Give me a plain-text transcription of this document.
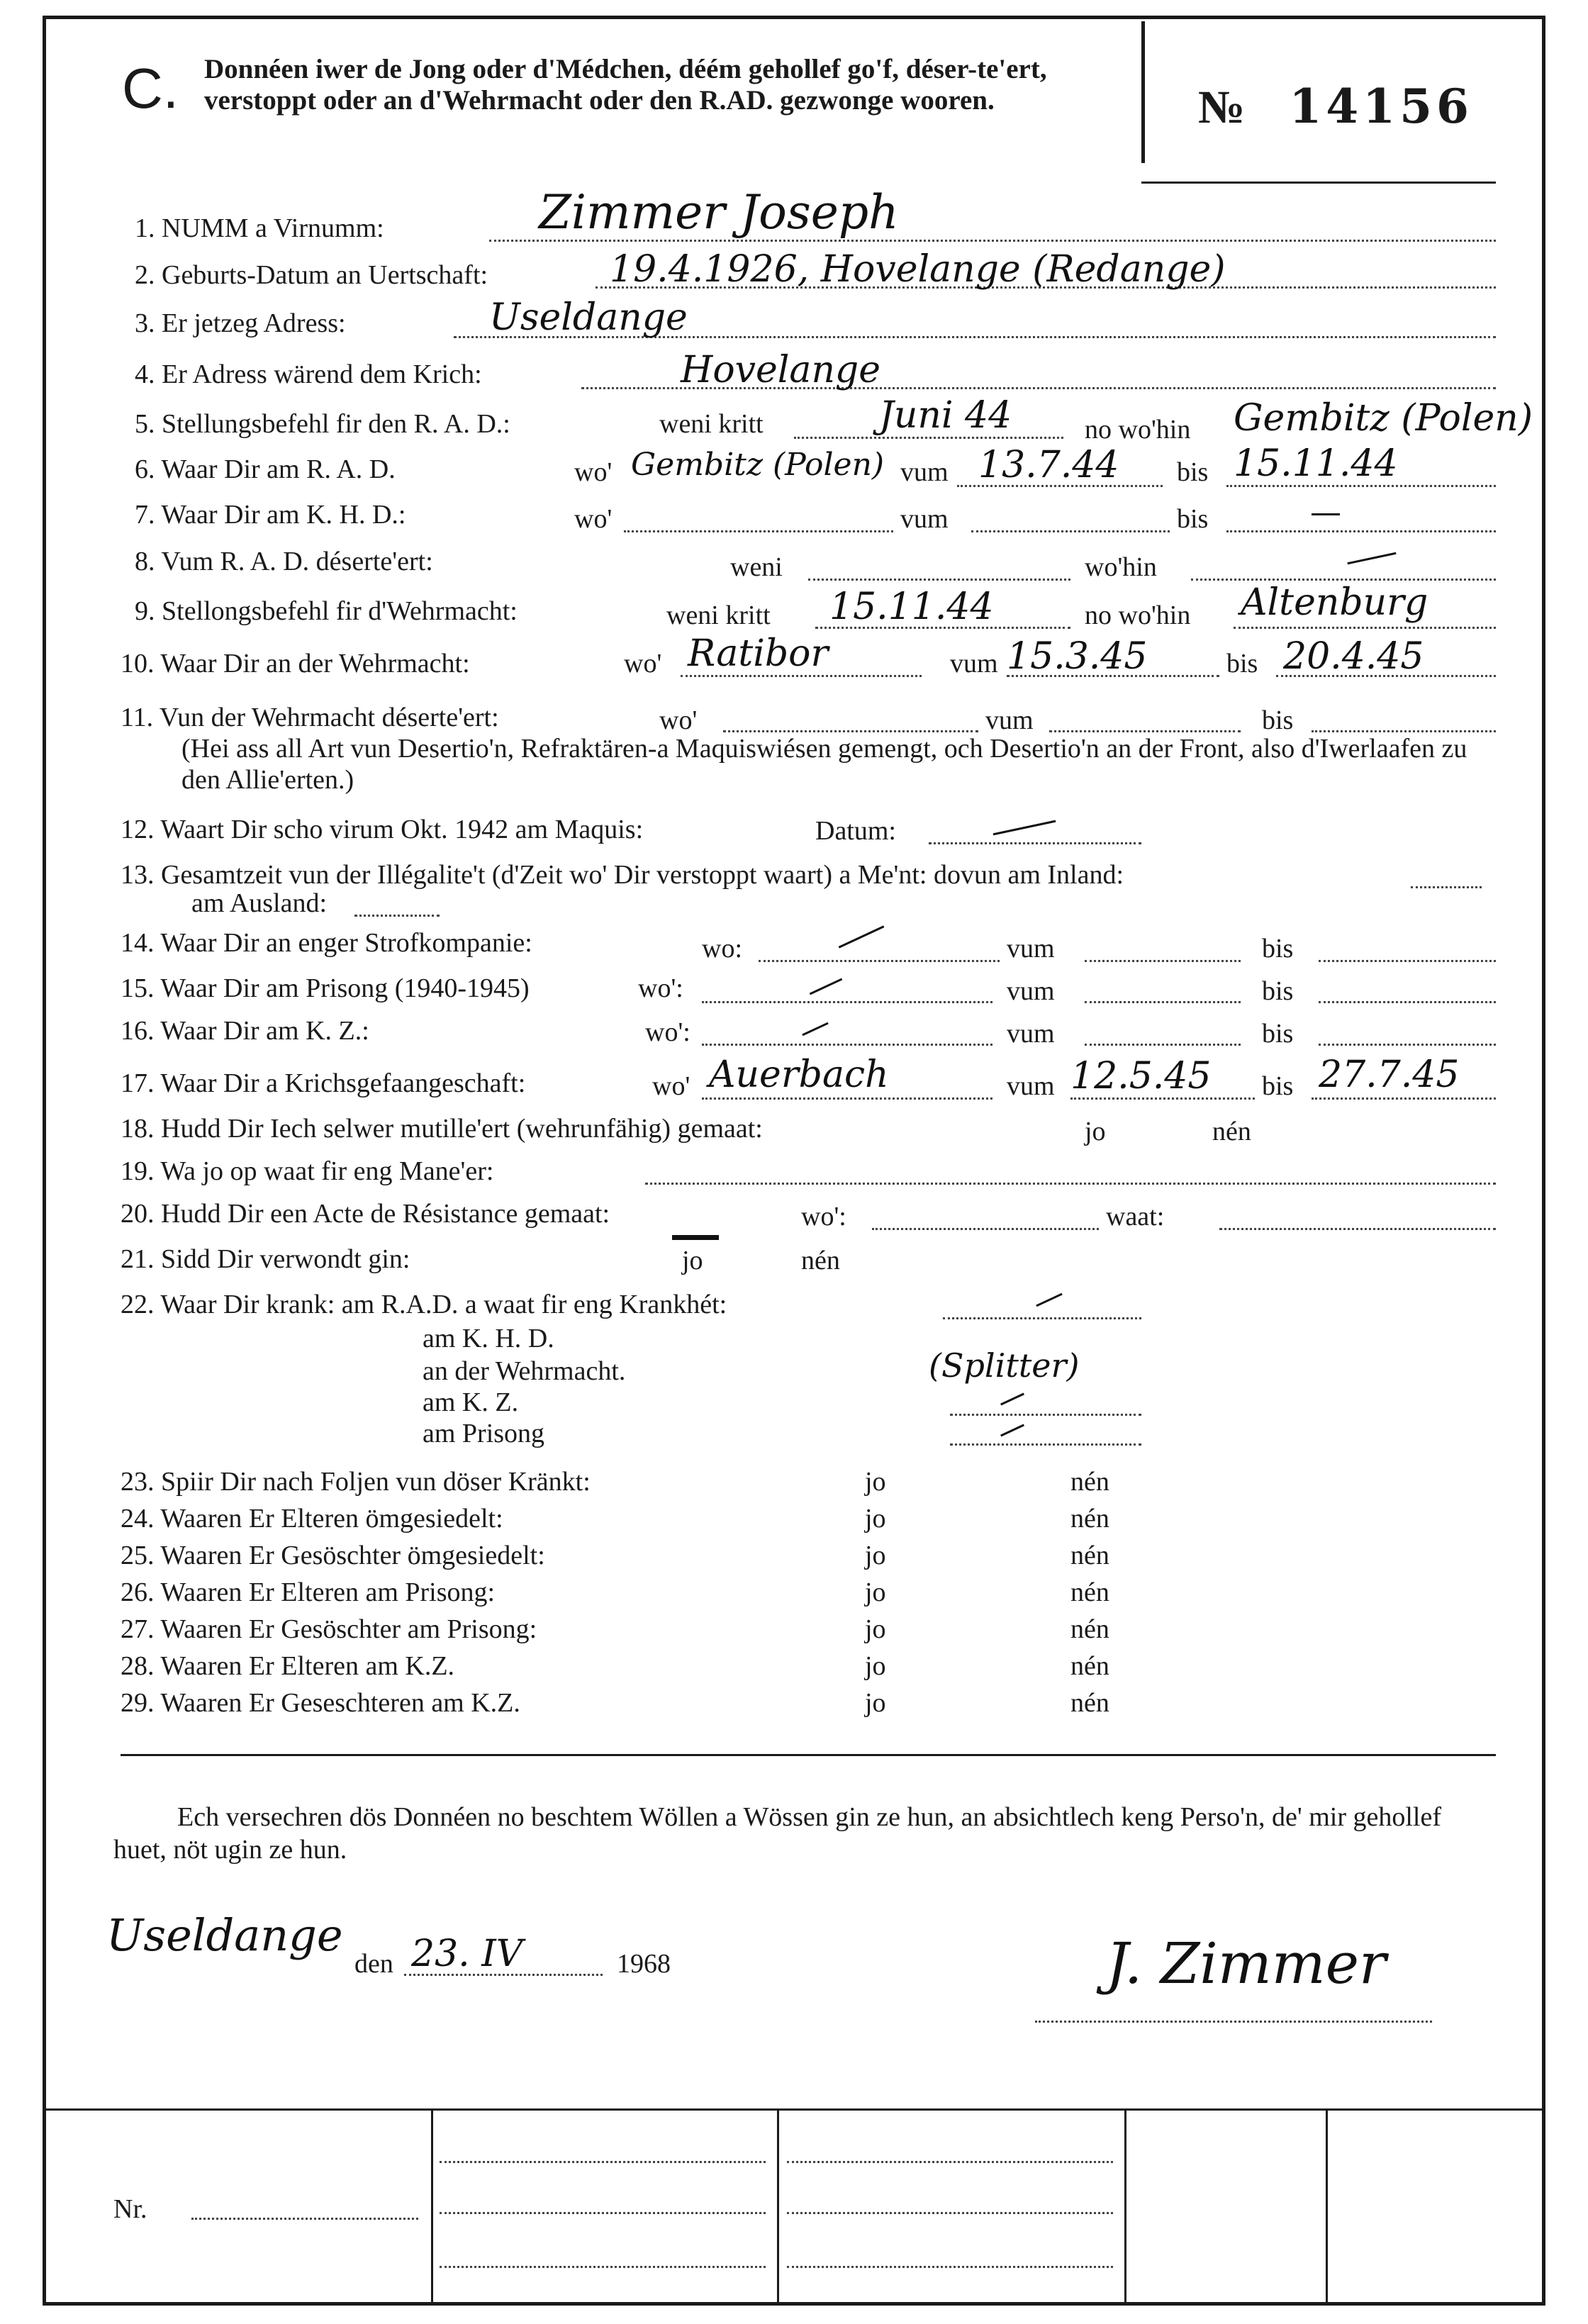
C. Donnéen iwer de Jong oder d'Médchen, déém gehollef go'f, déser-te'ert, verstoppt oder an d'Wehrmacht oder den R.AD. gezwonge wooren.	№ 14156
1. NUMM a Virnumm:	Zimmer Joseph
2. Geburts-Datum an Uertschaft:	19.4.1926, Hovelange (Redange)
3. Er jetzeg Adress:	Useldange
4. Er Adress wärend dem Krich:	Hovelange
5. Stellungsbefehl fir den R. A. D.:	weni kritt	Juni 44	no wo'hin Gembitz (Polen)
6. Waar Dir am R. A. D.	wo' Gembitz (Polen) vum 13.7.44 bis 15.11.44
7. Waar Dir am K. H. D.:	wo'	vum	bis
8. Vum R. A. D. déserte'ert:	weni	wo'hin
9. Stellongsbefehl fir d'Wehrmacht:	weni kritt 15.11.44	no wo'hin Altenburg
10. Waar Dir an der Wehrmacht:	wo' Ratibor	vum 15.3.45	bis 20.4.45
11. Vun der Wehrmacht déserte'ert:	wo'	vum	bis
(Hei ass all Art vun Desertio'n, Refraktären-a Maquiswiésen gemengt, och Desertio'n an der Front, also d'Iwerlaafen zu den Allie'erten.)
12. Waart Dir scho virum Okt. 1942 am Maquis:	Datum:
13. Gesamtzeit vun der Illégalite't (d'Zeit wo' Dir verstoppt waart) a Me'nt: dovun am Inland:
am Ausland:
14. Waar Dir an enger Strofkompanie:	wo:	vum	bis
15. Waar Dir am Prisong (1940-1945)	wo':	vum	bis
16. Waar Dir am K. Z.:	wo':	vum	bis
17. Waar Dir a Krichsgefaangeschaft:	wo' Auerbach	vum 12.5.45 bis 27.7.45
18. Hudd Dir Iech selwer mutille'ert (wehrunfähig) gemaat:	jo	nén
19. Wa jo op waat fir eng Mane'er:
20. Hudd Dir een Acte de Résistance gemaat:	wo':	waat:
21. Sidd Dir verwondt gin:	jo	nén
22. Waar Dir krank: am R.A.D. a waat fir eng Krankhét:
am K. H. D.
an der Wehrmacht.	(Splitter)
am K. Z.
am Prisong
23. Spiir Dir nach Foljen vun döser Kränkt:	jo	nén
24. Waaren Er Elteren ömgesiedelt:	jo	nén
25. Waaren Er Gesöschter ömgesiedelt:	jo	nén
26. Waaren Er Elteren am Prisong:	jo	nén
27. Waaren Er Gesöschter am Prisong:	jo	nén
28. Waaren Er Elteren am K.Z.	jo	nén
29. Waaren Er Geseschteren am K.Z.	jo	nén
Ech versechren dös Donnéen no beschtem Wöllen a Wössen gin ze hun, an absichtlech keng Perso'n, de' mir gehollef huet, nöt ugin ze hun.
Useldange
den 23. IV	1968	J. Zimmer
Nr.
